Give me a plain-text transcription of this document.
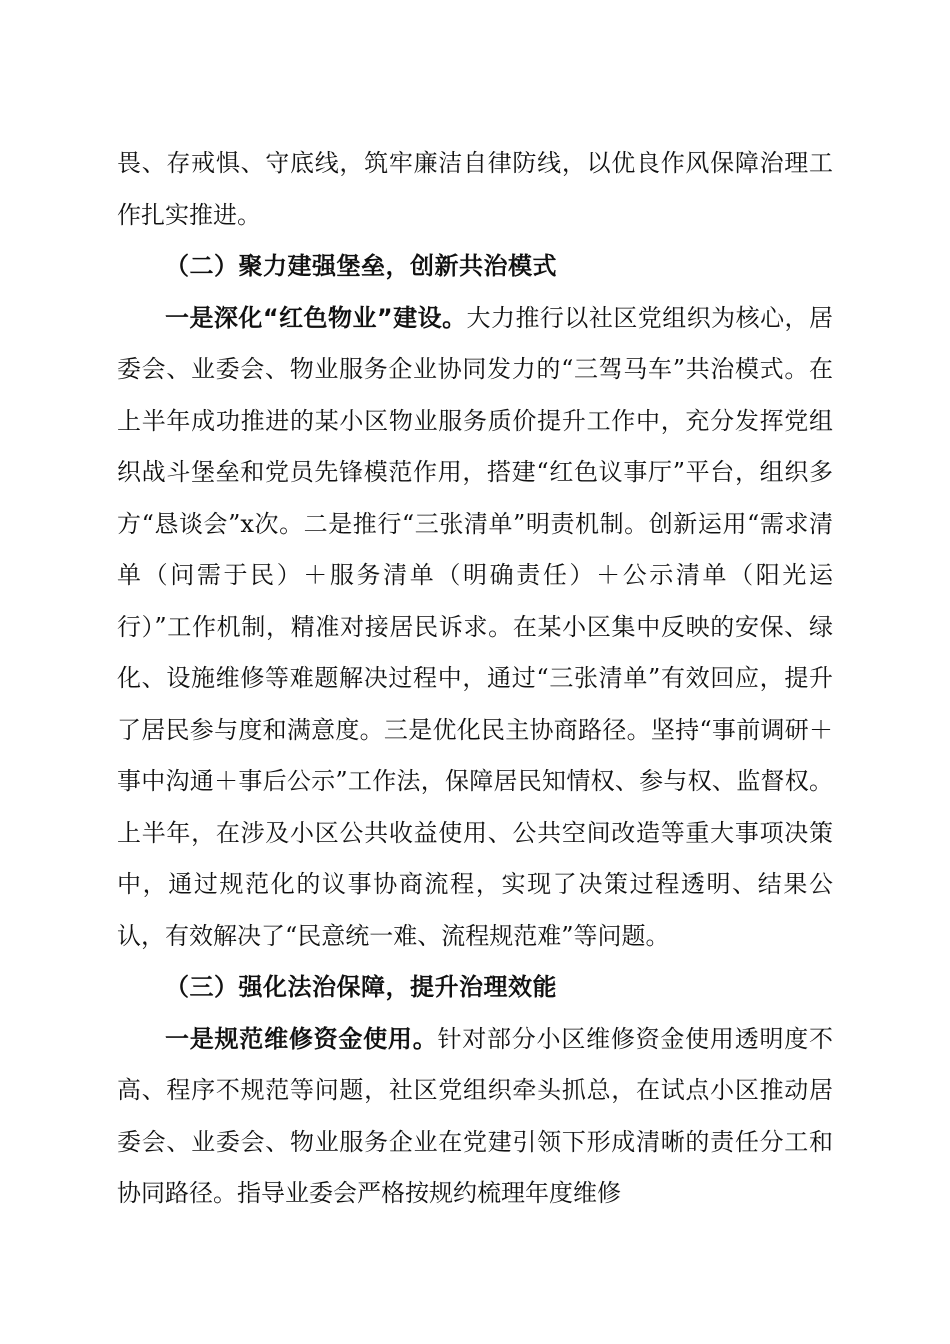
畏、存戒惧、守底线，筑牢廉洁自律防线，以优良作风保障治理工作扎实推进。

（二）聚力建强堡垒，创新共治模式

一是深化“红色物业”建设。大力推行以社区党组织为核心，居委会、业委会、物业服务企业协同发力的“三驾马车”共治模式。在上半年成功推进的某小区物业服务质价提升工作中，充分发挥党组织战斗堡垒和党员先锋模范作用，搭建“红色议事厅”平台，组织多方“恳谈会”x次。二是推行“三张清单”明责机制。创新运用“需求清单（问需于民）＋服务清单（明确责任）＋公示清单（阳光运行）”工作机制，精准对接居民诉求。在某小区集中反映的安保、绿化、设施维修等难题解决过程中，通过“三张清单”有效回应，提升了居民参与度和满意度。三是优化民主协商路径。坚持“事前调研＋事中沟通＋事后公示”工作法，保障居民知情权、参与权、监督权。上半年，在涉及小区公共收益使用、公共空间改造等重大事项决策中，通过规范化的议事协商流程，实现了决策过程透明、结果公认，有效解决了“民意统一难、流程规范难”等问题。

（三）强化法治保障，提升治理效能

一是规范维修资金使用。针对部分小区维修资金使用透明度不高、程序不规范等问题，社区党组织牵头抓总，在试点小区推动居委会、业委会、物业服务企业在党建引领下形成清晰的责任分工和协同路径。指导业委会严格按规约梳理年度维修
